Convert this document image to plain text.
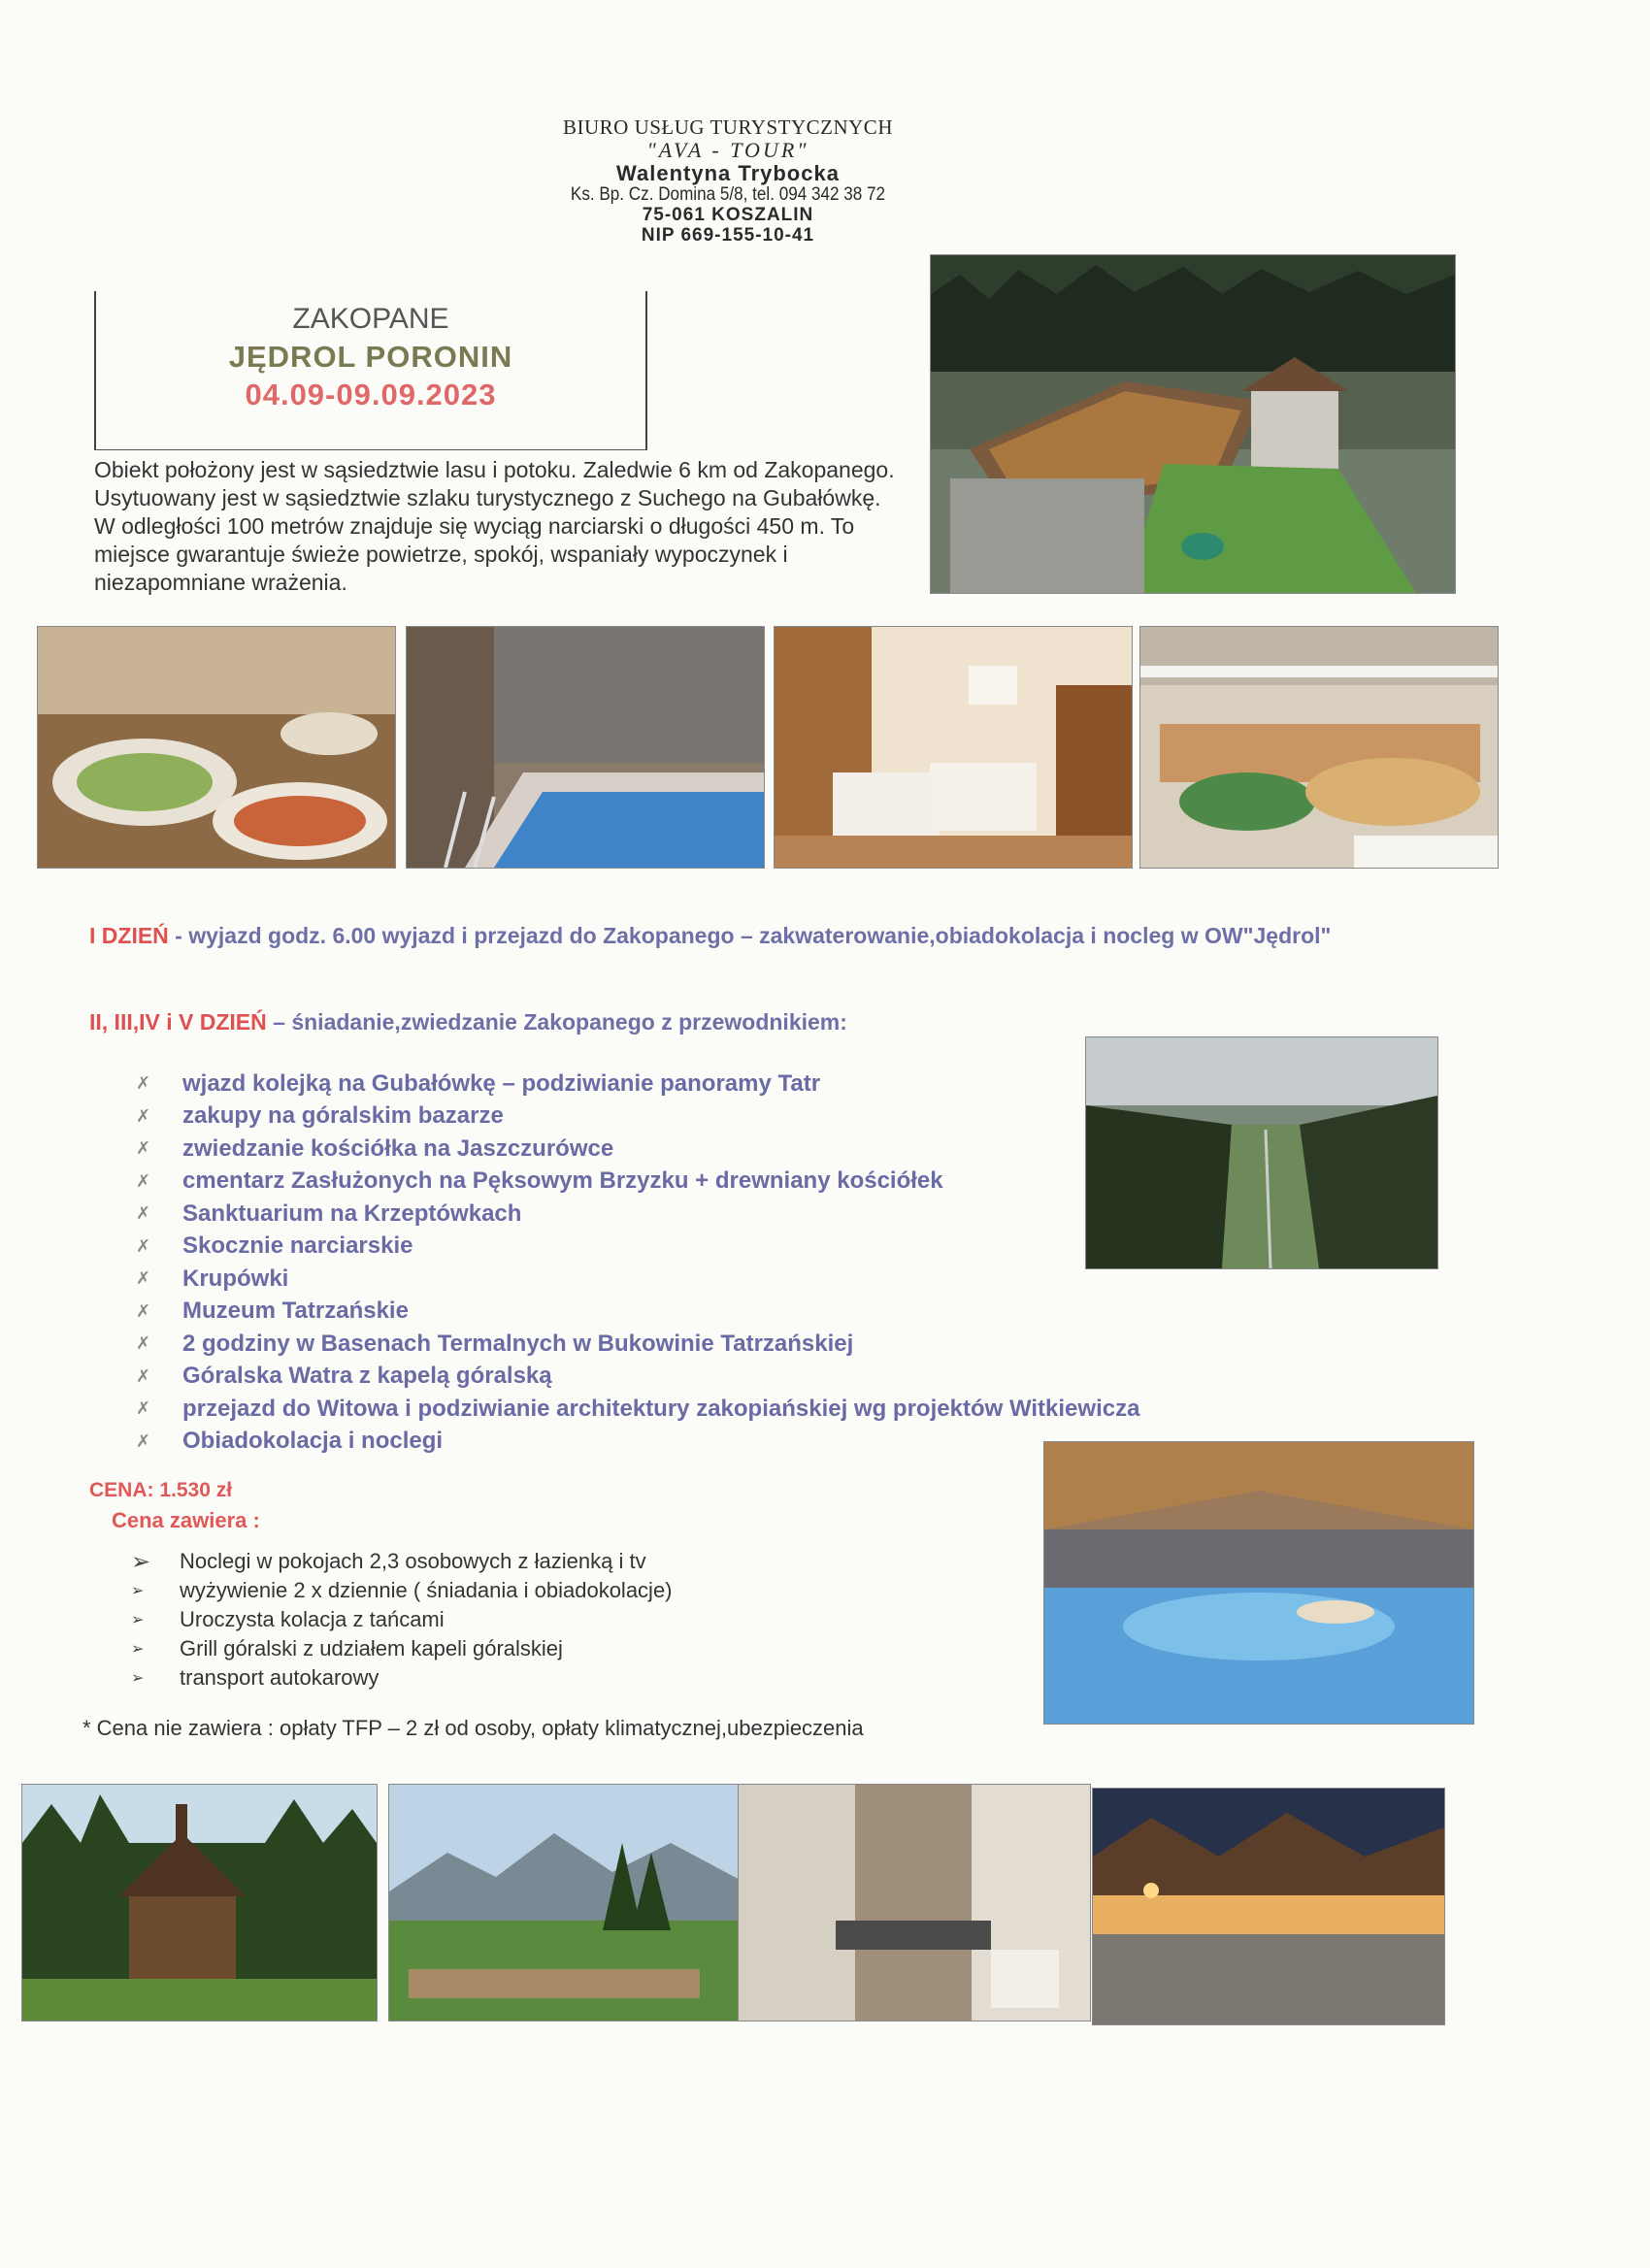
BIURO USŁUG TURYSTYCZNYCH
"AVA - TOUR"
Walentyna Trybocka
Ks. Bp. Cz. Domina 5/8, tel. 094 342 38 72
75-061 KOSZALIN
NIP 669-155-10-41
ZAKOPANE
JĘDROL PORONIN
04.09-09.09.2023
Obiekt położony jest w sąsiedztwie lasu i potoku. Zaledwie 6 km od Zakopanego. Usytuowany jest w sąsiedztwie szlaku turystycznego z Suchego na Gubałówkę. W odległości 100 metrów znajduje się wyciąg narciarski o długości 450 m. To miejsce gwarantuje świeże powietrze, spokój, wspaniały wypoczynek i niezapomniane wrażenia.
I DZIEŃ - wyjazd godz. 6.00 wyjazd i przejazd do Zakopanego – zakwaterowanie,obiadokolacja i nocleg w OW"Jędrol"
II, III,IV i V DZIEŃ – śniadanie,zwiedzanie Zakopanego z przewodnikiem:
✗	wjazd kolejką na Gubałówkę – podziwianie panoramy Tatr
✗	zakupy na góralskim bazarze
✗	zwiedzanie kościółka na Jaszczurówce
✗	cmentarz Zasłużonych na Pęksowym Brzyzku + drewniany kościółek
✗	Sanktuarium na Krzeptówkach
✗	Skocznie narciarskie
✗	Krupówki
✗	Muzeum Tatrzańskie
✗	2 godziny w Basenach Termalnych w Bukowinie Tatrzańskiej
✗	Góralska Watra z kapelą góralską
✗	przejazd do Witowa i podziwianie architektury zakopiańskiej wg projektów Witkiewicza
✗	Obiadokolacja i noclegi
CENA: 1.530 zł
Cena zawiera :
➢	Noclegi w pokojach 2,3 osobowych z łazienką i tv
➢	wyżywienie 2 x dziennie ( śniadania i obiadokolacje)
➢	Uroczysta kolacja z tańcami
➢	Grill góralski z udziałem kapeli góralskiej
➢	transport autokarowy
* Cena nie zawiera : opłaty TFP – 2 zł od osoby, opłaty klimatycznej,ubezpieczenia
